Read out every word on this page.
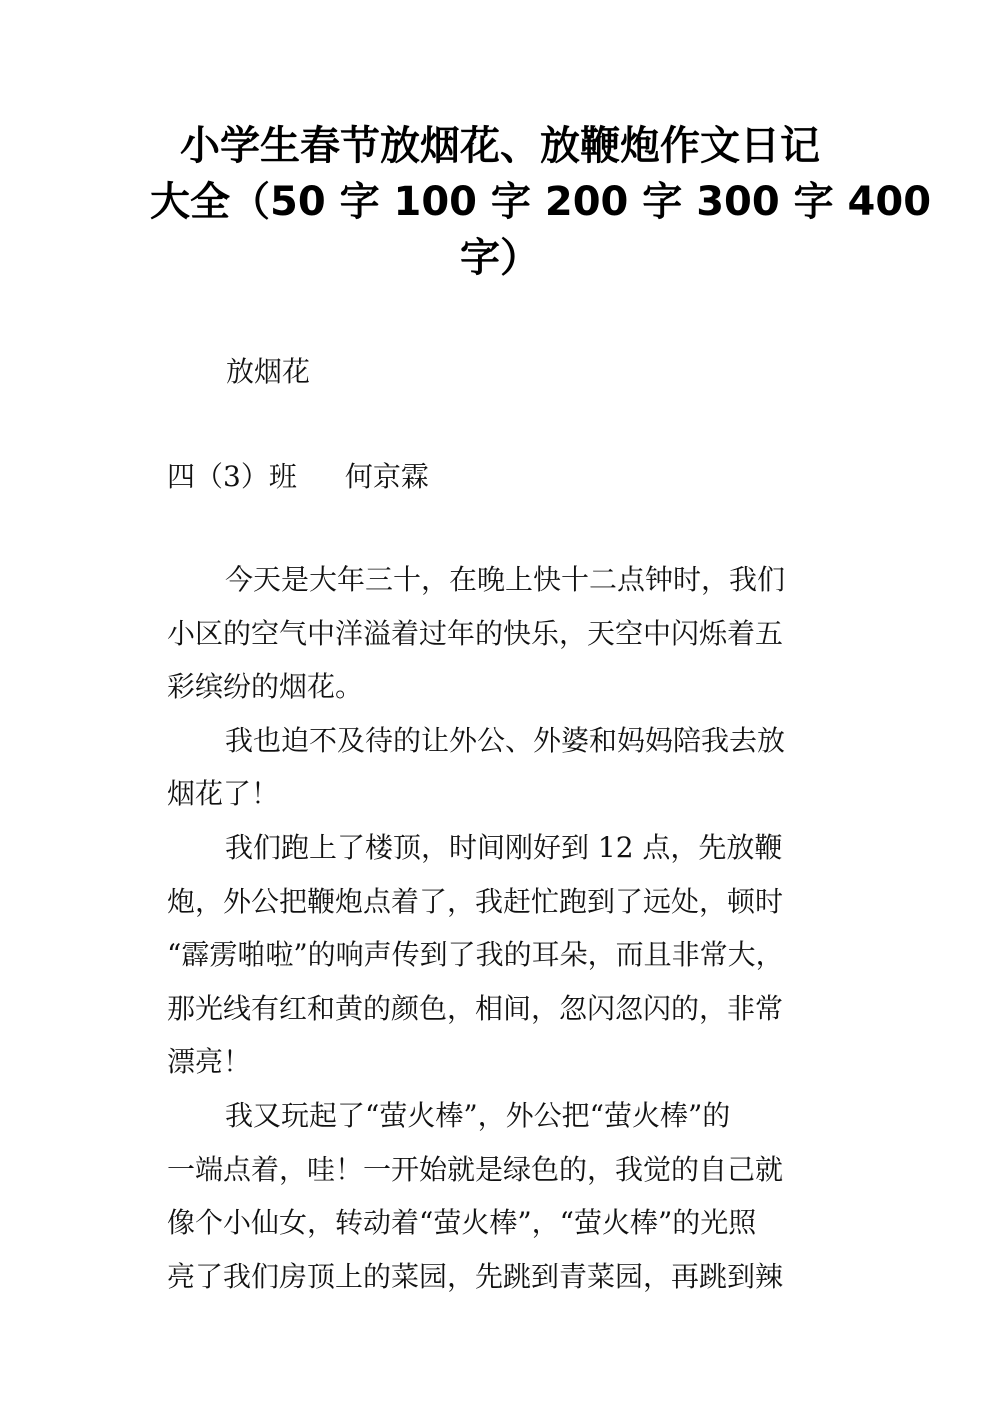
小学生春节放烟花、放鞭炮作文日记
大全（50 字 100 字 200 字 300 字 400
字）
放烟花
四（3）班 何京霖
今天是大年三十，在晚上快十二点钟时，我们
小区的空气中洋溢着过年的快乐，天空中闪烁着五
彩缤纷的烟花。
我也迫不及待的让外公、外婆和妈妈陪我去放
烟花了！
我们跑上了楼顶，时间刚好到 12 点，先放鞭
炮，外公把鞭炮点着了，我赶忙跑到了远处，顿时
“霹雳啪啦”的响声传到了我的耳朵，而且非常大，
那光线有红和黄的颜色，相间，忽闪忽闪的，非常
漂亮！
我又玩起了“萤火棒”，外公把“萤火棒”的
一端点着，哇！一开始就是绿色的，我觉的自己就
像个小仙女，转动着“萤火棒”，“萤火棒”的光照
亮了我们房顶上的菜园，先跳到青菜园，再跳到辣
